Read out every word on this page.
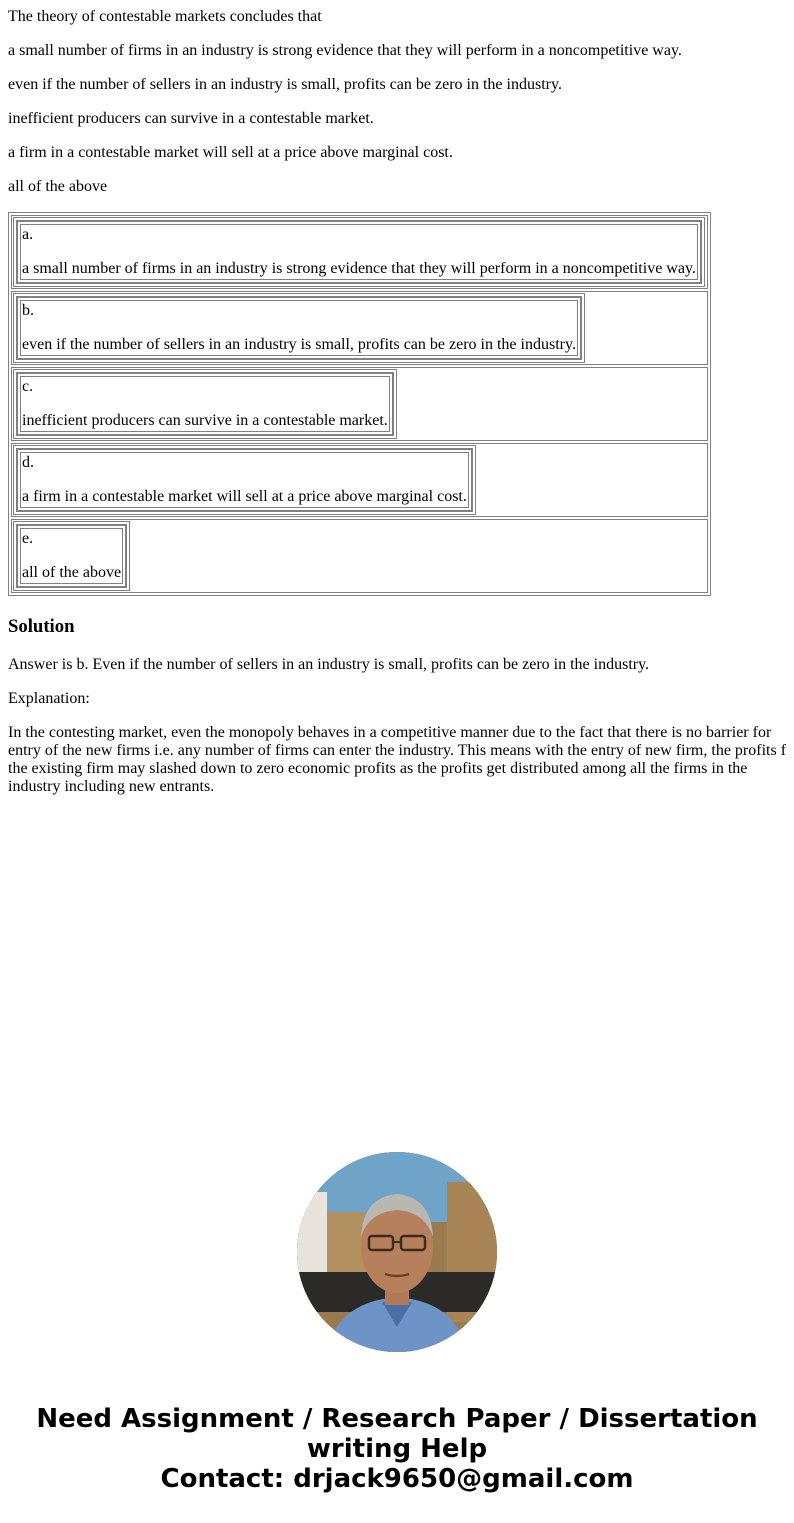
The theory of contestable markets concludes that

a small number of firms in an industry is strong evidence that they will perform in a noncompetitive way.

even if the number of sellers in an industry is small, profits can be zero in the industry.

inefficient producers can survive in a contestable market.

a firm in a contestable market will sell at a price above marginal cost.

all of the above

a.
a small number of firms in an industry is strong evidence that they will perform in a noncompetitive way.

b.
even if the number of sellers in an industry is small, profits can be zero in the industry.

c.
inefficient producers can survive in a contestable market.

d.
a firm in a contestable market will sell at a price above marginal cost.

e.
all of the above
Solution

Answer is b. Even if the number of sellers in an industry is small, profits can be zero in the industry.

Explanation:

In the contesting market, even the monopoly behaves in a competitive manner due to the fact that there is no barrier for entry of the new firms i.e. any number of firms can enter the industry. This means with the entry of new firm, the profits f the existing firm may slashed down to zero economic profits as the profits get distributed among all the firms in the industry including new entrants.

Need Assignment / Research Paper / Dissertation
writing Help
Contact: drjack9650@gmail.com
